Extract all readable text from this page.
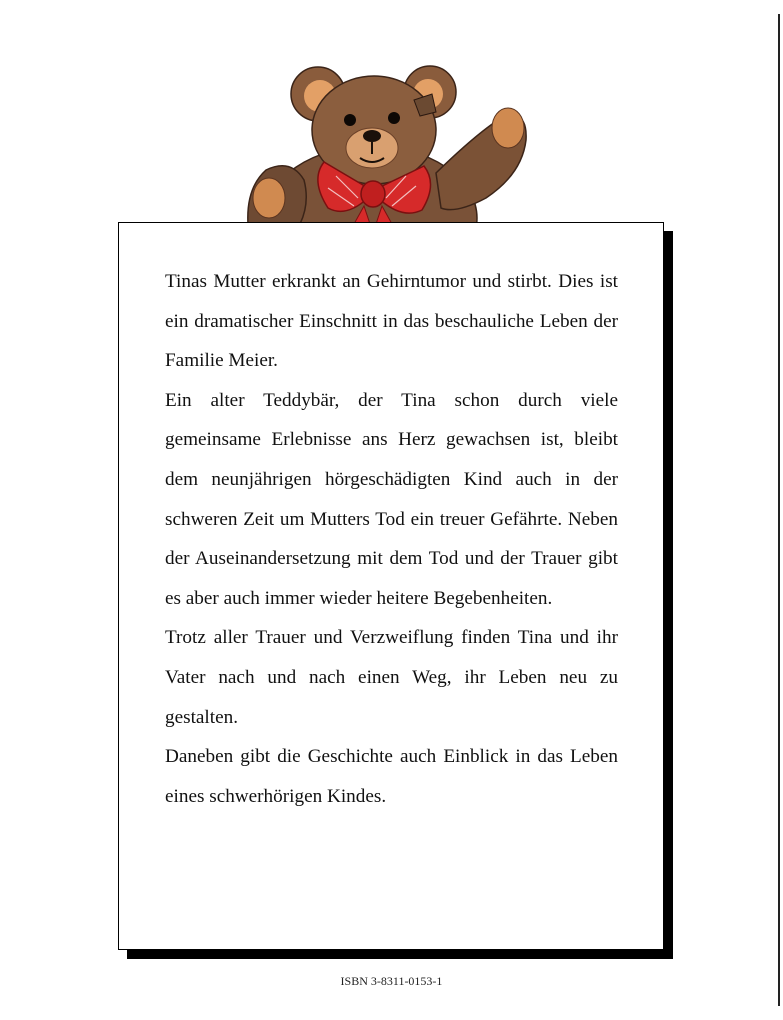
Tinas Mutter erkrankt an Gehirntumor und stirbt. Dies ist ein dramatischer Einschnitt in das beschauliche Leben der Familie Meier.

Ein alter Teddybär, der Tina schon durch viele gemeinsame Erlebnisse ans Herz gewachsen ist, bleibt dem neunjährigen hörgeschädigten Kind auch in der schweren Zeit um Mutters Tod ein treuer Gefährte. Neben der Auseinandersetzung mit dem Tod und der Trauer gibt es aber auch immer wieder heitere Begebenheiten.

Trotz aller Trauer und Verzweiflung finden Tina und ihr Vater nach und nach einen Weg, ihr Leben neu zu gestalten.

Daneben gibt die Geschichte auch Einblick in das Leben eines schwerhörigen Kindes.

ISBN 3-8311-0153-1
